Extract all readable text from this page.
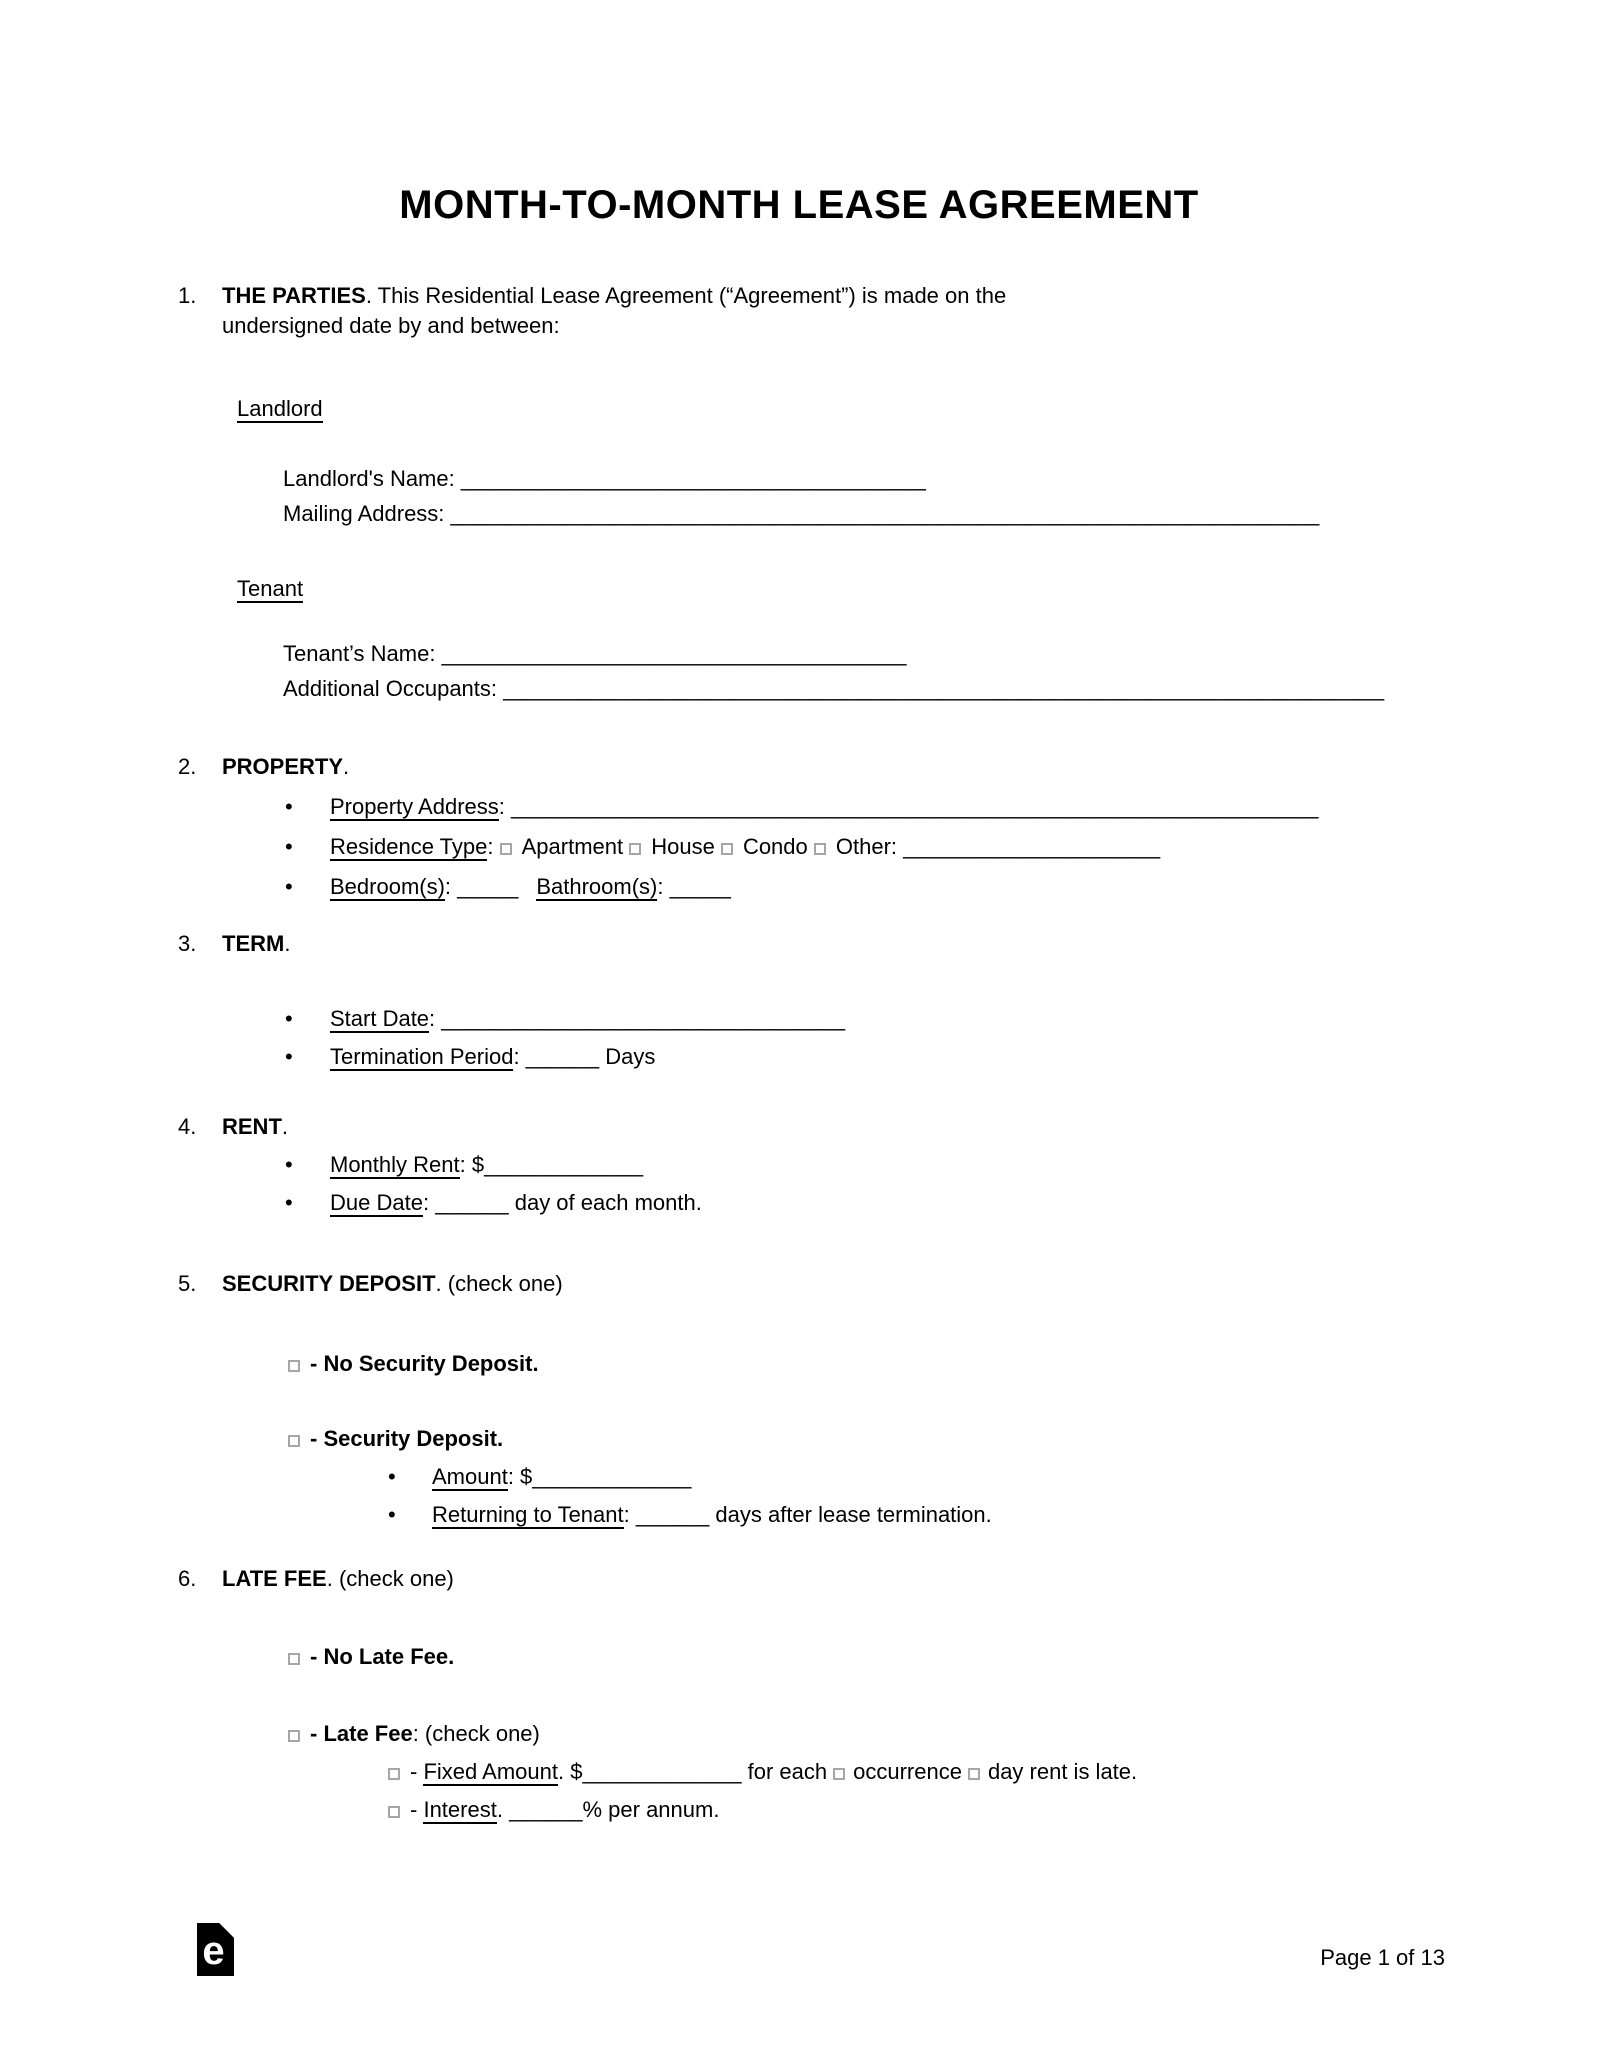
MONTH-TO-MONTH LEASE AGREEMENT
1. THE PARTIES. This Residential Lease Agreement (“Agreement”) is made on the
undersigned date by and between:
Landlord
Landlord's Name: ______________________________________
Mailing Address: _______________________________________________________________________
Tenant
Tenant’s Name: ______________________________________
Additional Occupants: ________________________________________________________________________
2. PROPERTY.
• Property Address: __________________________________________________________________
• Residence Type: Apartment House Condo Other: _____________________
• Bedroom(s): _____ Bathroom(s): _____
3. TERM.
• Start Date: _________________________________
• Termination Period: ______ Days
4. RENT.
• Monthly Rent: $_____________
• Due Date: ______ day of each month.
5. SECURITY DEPOSIT. (check one)
- No Security Deposit.
- Security Deposit.
• Amount: $_____________
• Returning to Tenant: ______ days after lease termination.
6. LATE FEE. (check one)
- No Late Fee.
- Late Fee: (check one)
- Fixed Amount. $_____________ for each occurrence day rent is late.
- Interest. ______% per annum.
e	Page 1 of 13
